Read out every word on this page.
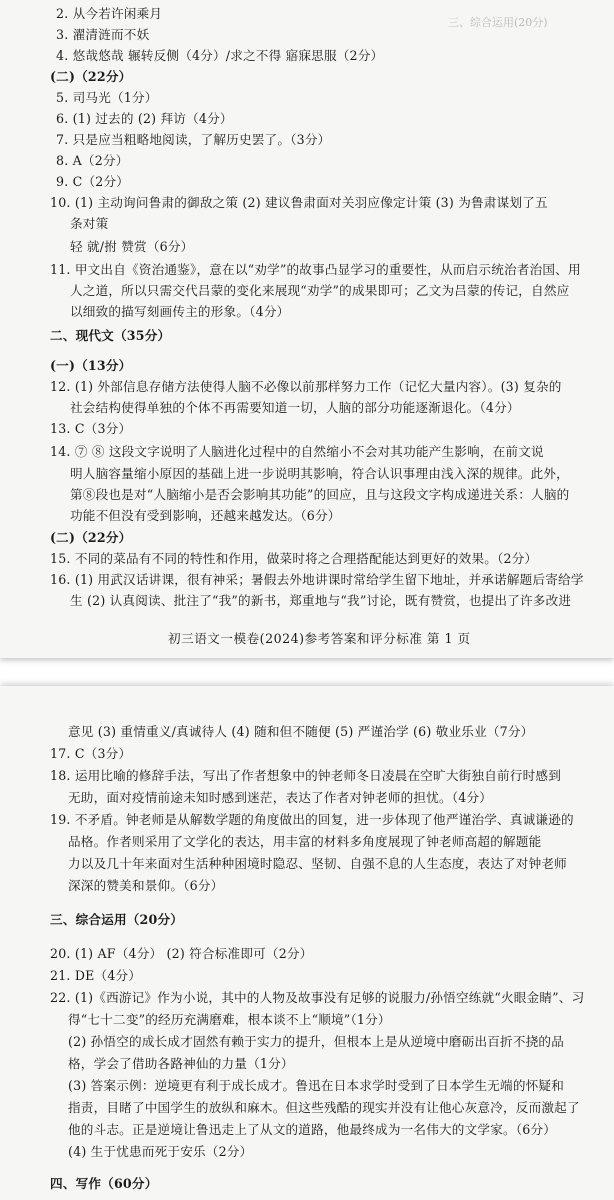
三、综合运用(20分)
2. 从今若许闲乘月
3. 濯清涟而不妖
4. 悠哉悠哉 辗转反侧（4分）/求之不得 寤寐思服（2分）
(二)（22分）
5. 司马光（1分）
6. (1) 过去的 (2) 拜访（4分）
7. 只是应当粗略地阅读，了解历史罢了。（3分）
8. A（2分）
9. C（2分）
10. (1) 主动询问鲁肃的御敌之策 (2) 建议鲁肃面对关羽应像定计策 (3) 为鲁肃谋划了五
条对策
轻 就/拊 赞赏（6分）
11. 甲文出自《资治通鉴》，意在以“劝学”的故事凸显学习的重要性，从而启示统治者治国、用
人之道，所以只需交代吕蒙的变化来展现“劝学”的成果即可；乙文为吕蒙的传记，自然应
以细致的描写刻画传主的形象。（4分）
二、现代文（35分）
(一)（13分）
12. (1) 外部信息存储方法使得人脑不必像以前那样努力工作（记忆大量内容）。(3) 复杂的
社会结构使得单独的个体不再需要知道一切，人脑的部分功能逐渐退化。（4分）
13. C（3分）
14. ⑦ ⑧ 这段文字说明了人脑进化过程中的自然缩小不会对其功能产生影响，在前文说
明人脑容量缩小原因的基础上进一步说明其影响，符合认识事理由浅入深的规律。此外，
第⑧段也是对“人脑缩小是否会影响其功能”的回应，且与这段文字构成递进关系：人脑的
功能不但没有受到影响，还越来越发达。（6分）
(二)（22分）
15. 不同的菜品有不同的特性和作用，做菜时将之合理搭配能达到更好的效果。（2分）
16. (1) 用武汉话讲课，很有神采；暑假去外地讲课时常给学生留下地址，并承诺解题后寄给学
生 (2) 认真阅读、批注了“我”的新书，郑重地与“我”讨论，既有赞赏，也提出了许多改进
初三语文一模卷(2024)参考答案和评分标准 第 1 页
意见 (3) 重情重义/真诚待人 (4) 随和但不随便 (5) 严谨治学 (6) 敬业乐业（7分）
17. C（3分）
18. 运用比喻的修辞手法，写出了作者想象中的钟老师冬日凌晨在空旷大街独自前行时感到
无助，面对疫情前途未知时感到迷茫，表达了作者对钟老师的担忧。（4分）
19. 不矛盾。钟老师是从解数学题的角度做出的回复，进一步体现了他严谨治学、真诚谦逊的
品格。作者则采用了文学化的表达，用丰富的材料多角度展现了钟老师高超的解题能
力以及几十年来面对生活种种困境时隐忍、坚韧、自强不息的人生态度，表达了对钟老师
深深的赞美和景仰。（6分）
三、综合运用（20分）
20. (1) AF（4分） (2) 符合标准即可（2分）
21. DE（4分）
22. (1)《西游记》作为小说，其中的人物及故事没有足够的说服力/孙悟空练就“火眼金睛”、习
得“七十二变”的经历充满磨难，根本谈不上“顺境”（1分）
(2) 孙悟空的成长成才固然有赖于实力的提升，但根本上是从逆境中磨砺出百折不挠的品
格，学会了借助各路神仙的力量（1分）
(3) 答案示例：逆境更有利于成长成才。鲁迅在日本求学时受到了日本学生无端的怀疑和
指责，目睹了中国学生的放纵和麻木。但这些残酷的现实并没有让他心灰意冷，反而激起了
他的斗志。正是逆境让鲁迅走上了从文的道路，他最终成为一名伟大的文学家。（6分）
(4) 生于忧患而死于安乐（2分）
四、写作（60分）
